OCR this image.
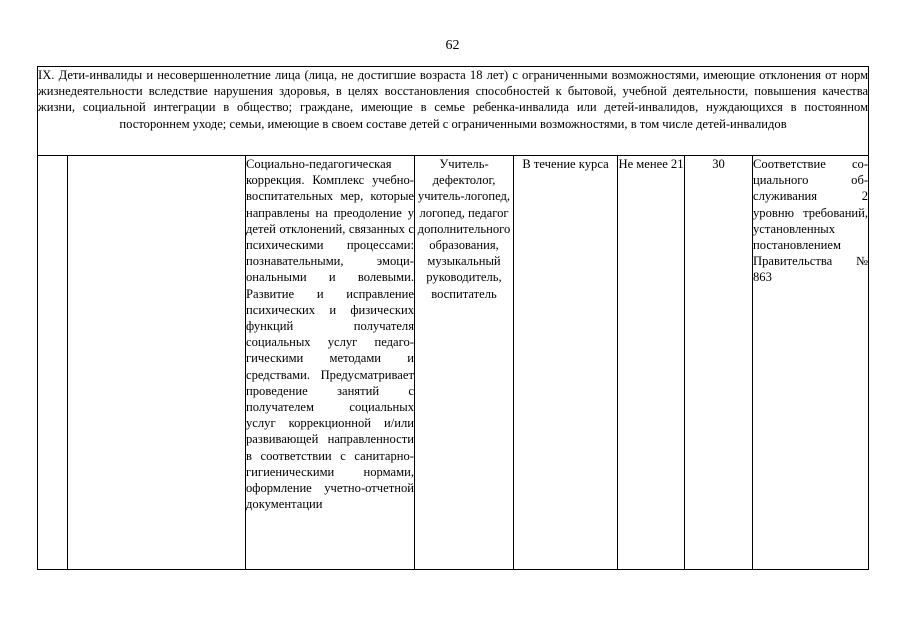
62
IX. Дети-инвалиды и несовершеннолетние лица (лица, не достигшие возраста 18 лет) с ограниченными возможностями, имеющие отклонения от норм жизнедеятельности вследствие нарушения здоровья, в целях восстановления способностей к бытовой, учебной деятельности, повышения качества жизни, социальной интеграции в общество; граждане, имеющие в семье ребенка-инвалида или детей-инвалидов, нуждающихся в постоянном постороннем уходе; семьи, имеющие в своем составе детей с ограниченными возможностями, в том числе детей-инвалидов
		Социально-педагогическая коррекция. Комплекс учебно-воспитательных мер, которые направлены на преодоление у детей отклонений, связанных с психическими процессами: познавательными, эмоциональными и волевыми. Развитие и исправление психических и физических функций получателя социальных услуг педагогическими методами и средствами. Предусматривает проведение занятий с получателем социальных услуг коррекционной и/или развивающей направленности в соответствии с санитарно-гигиеническими нормами, оформление учетно-отчетной документации	Учитель-дефектолог, учитель-логопед, логопед, педагог дополнительного образования, музыкальный руководитель, воспитатель	В течение курса	Не менее 21	30	Соответствие социального обслуживания 2 уровню требований, установленных постановлением Правительства № 863
